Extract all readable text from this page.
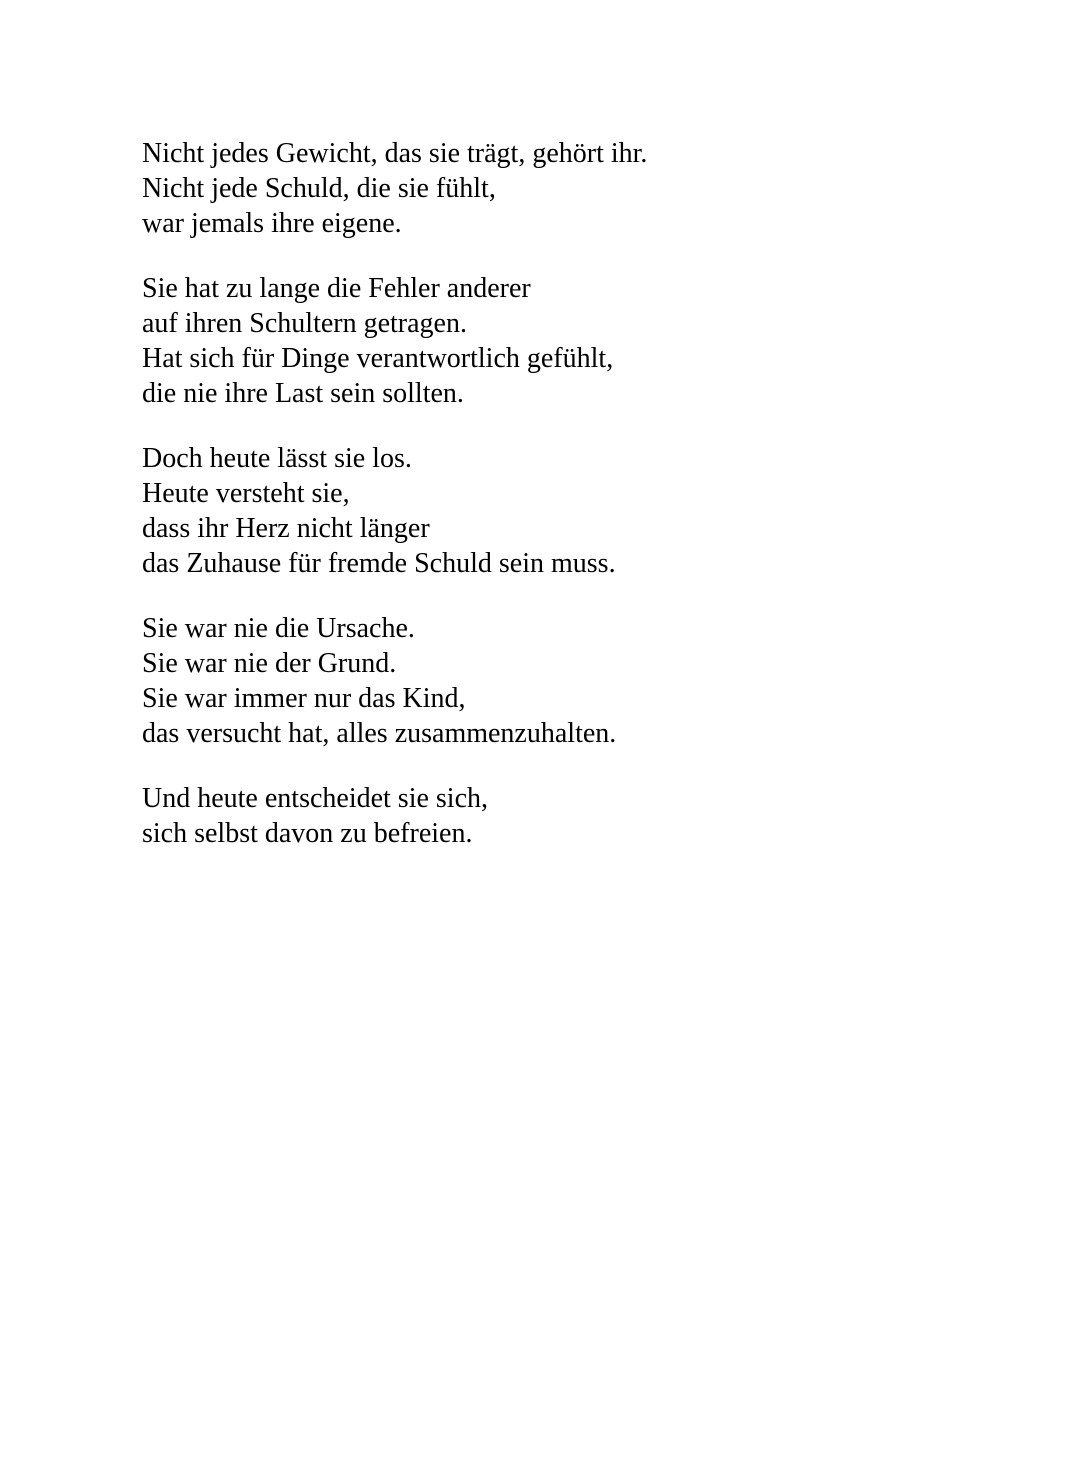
Nicht jedes Gewicht, das sie trägt, gehört ihr.
Nicht jede Schuld, die sie fühlt,
war jemals ihre eigene.
Sie hat zu lange die Fehler anderer
auf ihren Schultern getragen.
Hat sich für Dinge verantwortlich gefühlt,
die nie ihre Last sein sollten.
Doch heute lässt sie los.
Heute versteht sie,
dass ihr Herz nicht länger
das Zuhause für fremde Schuld sein muss.
Sie war nie die Ursache.
Sie war nie der Grund.
Sie war immer nur das Kind,
das versucht hat, alles zusammenzuhalten.
Und heute entscheidet sie sich,
sich selbst davon zu befreien.
